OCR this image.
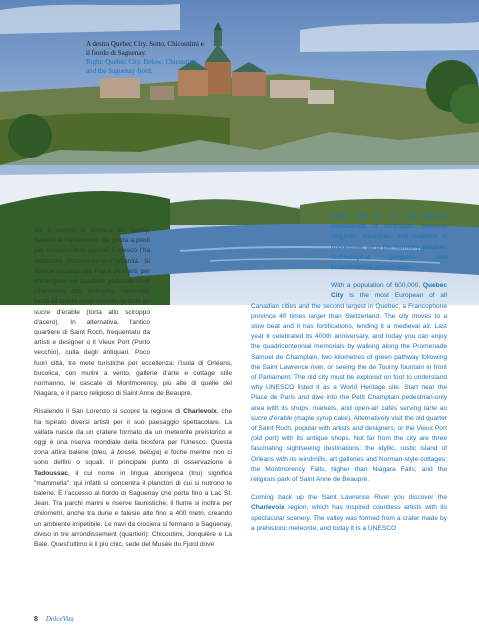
A destra Quebec City. Sotto, Chicoutimi e il fiordo di Saguenay.
Right: Quebec City. Below: Chicoutimi and the Saguenay fjord.

zo, o vedere la fontana de Tourny, davanti al Parlamento. Va girata a piedi per comprendere perché l'Unesco l'ha dichiarata Patrimonio dell'Umanità. Si sbarca accanto alla Place de Paris per immergersi nel quartiere pedonale Petit Champlain con botteghe, mercatini, locali all'aperto dove servono la tarte au sucre d'erable (torta allo sciroppo d'acero). In alternativa, l'antico quartiere di Saint Roch, frequentato da artisti e designer o il Vieux Port (Porto vecchio), culla degli antiquari. Poco fuori città, tre mete turistiche per eccellenza: l'isola di Orléans, bucolica, con mulini a vento, gallerie d'arte e cottage stile normanno, le cascate di Montmorency, più alte di quelle del Niagara, e il parco religioso di Saint Anne de Beaupré.

Risalendo il San Lorenzo si scopre la regione di Charlevoix, che ha ispirato diversi artisti per il suo paesaggio spettacolare. La vallata nasce da un cratere formato da un meteorite preistorico e oggi è una riserva mondiale della biosfera per l'Unesco. Questa zona attira balene (bleu, à bosse, beluga) e foche mentre non ci sono delfini o squali. Il principale punto di osservazione è Tadoussac, il cui nome in lingua aborigena (Inu) significa "mammella": qui infatti si concentra il plancton di cui si nutrono le balene. È l'accesso al fiordo di Saguenay che porta fino a Lac St. Jean. Tra parchi marini e riserve faunistiche, il fiume si inoltra per chilometri, anche tra dune e falesie alte fino a 400 metri, creando un ambiente irripetibile. Le navi da crociera si fermano a Saguenay, diviso in tre arrondissement (quartieri): Chicoutimi, Jonquière e La Baie. Quest'ultimo è il più chic, sede del Musée du Fjord dove

border with the US. The peaceful coexistence of languages, cultures, religions, medicines and customs is impressive, as is the harmony between technological progress and environmental conservation.

With a population of 600,000, Quebec City is the most European of all Canadian cities and the second largest in Quebec, a Francophone province 40 times larger than Switzerland. The city moves to a slow beat and it has fortifications, lending it a medieval air. Last year it celebrated its 400th anniversary, and today you can enjoy the quadricentennial memorials by walking along the Promenade Samuel de Champlain, two kilometres of green pathway following the Saint Lawrence river, or seeing the de Tourny fountain in front of Parliament. The old city must be explored on foot to understand why UNESCO listed it as a World Heritage site. Start near the Place de Paris and dive into the Petit Champlain pedestrian-only area with its shops, markets, and open-air cafés serving tarte au sucre d'erable (maple syrup cake). Alternatively visit the old quarter of Saint Roch, popular with artists and designers, or the Vieux Port (old port) with its antique shops. Not far from the city are three fascinating sightseeing destinations: the idyllic, rustic island of Orleans with its windmills, art galleries and Norman-style cottages; the Montmorency Falls, higher than Niagara Falls; and the religious park of Saint Anne de Beaupré.

Coming back up the Saint Lawrence River you discover the Charlevoix region, which has inspired countless artists with its spectacular scenery. The valley was formed from a crater made by a prehistoric meteorite, and today it is a UNESCO

8 DolceVita
